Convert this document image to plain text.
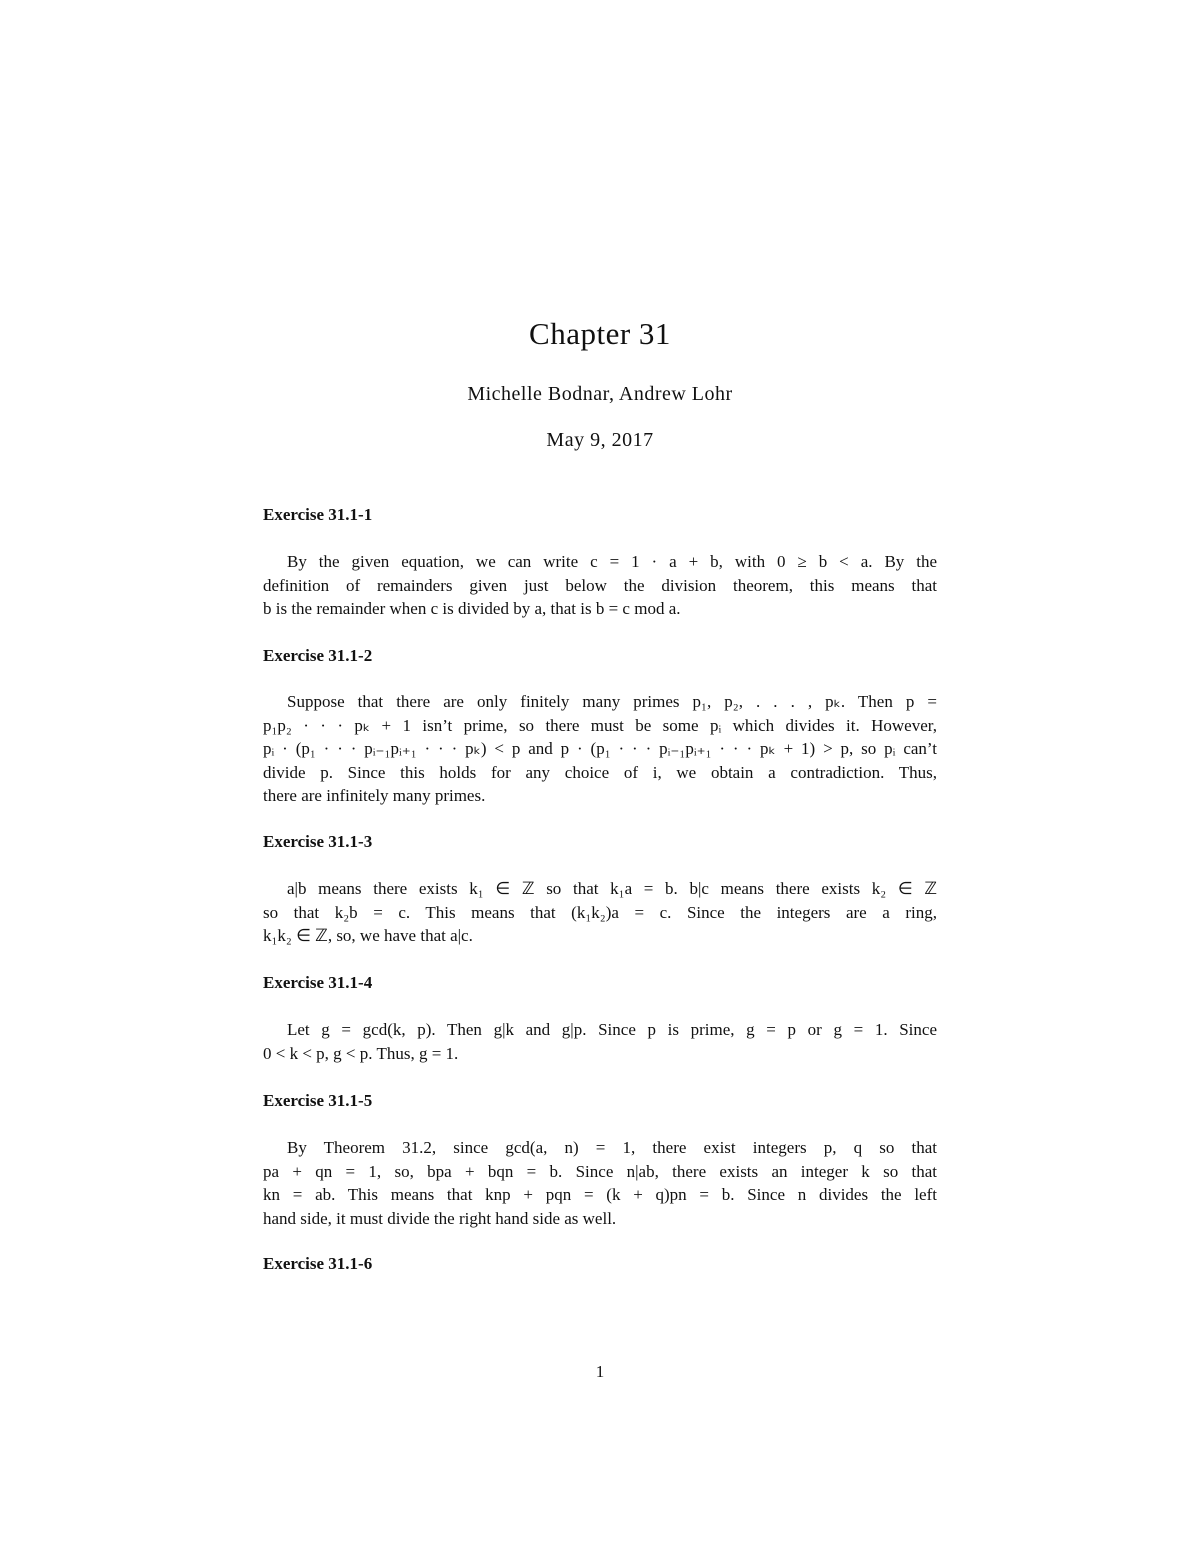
Chapter 31
Michelle Bodnar, Andrew Lohr
May 9, 2017
Exercise 31.1-1
By the given equation, we can write c = 1 · a + b, with 0 ≥ b < a. By the
definition of remainders given just below the division theorem, this means that
b is the remainder when c is divided by a, that is b = c mod a.
Exercise 31.1-2
Suppose that there are only finitely many primes p₁, p₂, . . . , pₖ. Then p =
p₁p₂ · · · pₖ + 1 isn’t prime, so there must be some pᵢ which divides it. However,
pᵢ · (p₁ · · · pᵢ₋₁pᵢ₊₁ · · · pₖ) < p and p · (p₁ · · · pᵢ₋₁pᵢ₊₁ · · · pₖ + 1) > p, so pᵢ can’t
divide p. Since this holds for any choice of i, we obtain a contradiction. Thus,
there are infinitely many primes.
Exercise 31.1-3
a|b means there exists k₁ ∈ ℤ so that k₁a = b. b|c means there exists k₂ ∈ ℤ
so that k₂b = c. This means that (k₁k₂)a = c. Since the integers are a ring,
k₁k₂ ∈ ℤ, so, we have that a|c.
Exercise 31.1-4
Let g = gcd(k, p). Then g|k and g|p. Since p is prime, g = p or g = 1. Since
0 < k < p, g < p. Thus, g = 1.
Exercise 31.1-5
By Theorem 31.2, since gcd(a, n) = 1, there exist integers p, q so that
pa + qn = 1, so, bpa + bqn = b. Since n|ab, there exists an integer k so that
kn = ab. This means that knp + pqn = (k + q)pn = b. Since n divides the left
hand side, it must divide the right hand side as well.
Exercise 31.1-6
1
